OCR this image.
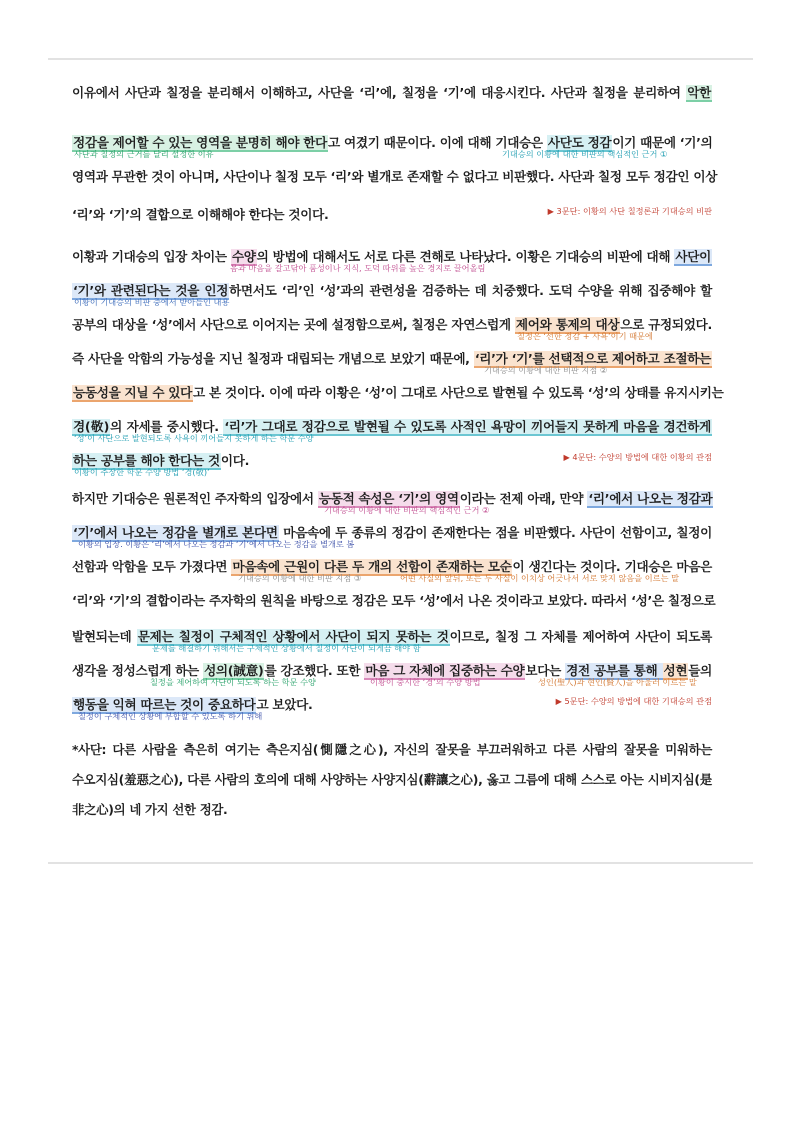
이유에서 사단과 칠정을 분리해서 이해하고, 사단을 ‘리’에, 칠정을 ‘기’에 대응시킨다. 사단과 칠정을 분리하여 악한
정감을 제어할 수 있는 영역을 분명히 해야 한다고 여겼기 때문이다. 이에 대해 기대승은 사단도 정감이기 때문에 ‘기’의
사단과 칠정의 근거를 달리 설정한 이유	기대승의 이황에 대한 비판의 핵심적인 근거 ①
영역과 무관한 것이 아니며, 사단이나 칠정 모두 ‘리’와 별개로 존재할 수 없다고 비판했다. 사단과 칠정 모두 정감인 이상
‘리’와 ‘기’의 결합으로 이해해야 한다는 것이다.	▶ 3문단: 이황의 사단 칠정론과 기대승의 비판
이황과 기대승의 입장 차이는 수양의 방법에 대해서도 서로 다른 견해로 나타났다. 이황은 기대승의 비판에 대해 사단이
몸과 마음을 갈고닦아 품성이나 지식, 도덕 따위를 높은 경지로 끌어올림
‘기’와 관련된다는 것을 인정하면서도 ‘리’인 ‘성’과의 관련성을 검증하는 데 치중했다. 도덕 수양을 위해 집중해야 할
이황이 기대승의 비판 중에서 받아들인 내용
공부의 대상을 ‘성’에서 사단으로 이어지는 곳에 설정함으로써, 칠정은 자연스럽게 제어와 통제의 대상으로 규정되었다.
칠정은 ‘선한 정감 + 사욕’이기 때문에
즉 사단을 악함의 가능성을 지닌 칠정과 대립되는 개념으로 보았기 때문에, ‘리’가 ‘기’를 선택적으로 제어하고 조절하는
기대승의 이황에 대한 비판 지점 ②
능동성을 지닐 수 있다고 본 것이다. 이에 따라 이황은 ‘성’이 그대로 사단으로 발현될 수 있도록 ‘성’의 상태를 유지시키는
경(敬)의 자세를 중시했다. ‘리’가 그대로 정감으로 발현될 수 있도록 사적인 욕망이 끼어들지 못하게 마음을 경건하게
‘성’이 사단으로 발현되도록 사욕이 끼어들지 못하게 하는 학문 수양
하는 공부를 해야 한다는 것이다.
이황이 주장한 학문 수양 방법 ‘경(敬)’
▶ 4문단: 수양의 방법에 대한 이황의 관점
하지만 기대승은 원론적인 주자학의 입장에서 능동적 속성은 ‘기’의 영역이라는 전제 아래, 만약 ‘리’에서 나오는 정감과
기대승의 이황에 대한 비판의 핵심적인 근거 ②
‘기’에서 나오는 정감을 별개로 본다면 마음속에 두 종류의 정감이 존재한다는 점을 비판했다. 사단이 선함이고, 칠정이
이황의 입장. 이황은 ‘리’에서 나오는 정감과 ‘기’에서 나오는 정감을 별개로 봄
선함과 악함을 모두 가졌다면 마음속에 근원이 다른 두 개의 선함이 존재하는 모순이 생긴다는 것이다. 기대승은 마음은
기대승의 이황에 대한 비판 지점 ③	어떤 사실의 앞뒤, 또는 두 사실이 이치상 어긋나서 서로 맞지 않음을 이르는 말
‘리’와 ‘기’의 결합이라는 주자학의 원칙을 바탕으로 정감은 모두 ‘성’에서 나온 것이라고 보았다. 따라서 ‘성’은 칠정으로
발현되는데 문제는 칠정이 구체적인 상황에서 사단이 되지 못하는 것이므로, 칠정 그 자체를 제어하여 사단이 되도록
문제를 해결하기 위해서는 구체적인 상황에서 칠정이 사단이 되게끔 해야 함
생각을 정성스럽게 하는 성의(誠意)를 강조했다. 또한 마음 그 자체에 집중하는 수양보다는 경전 공부를 통해 성현들의
칠정을 제어하여 사단이 되도록 하는 학문 수양	이황이 중시한 ‘경’의 수양 방법	성인(聖人)과 현인(賢人)을 아울러 이르는 말
행동을 익혀 따르는 것이 중요하다고 보았다.
칠정이 구체적인 상황에 부합할 수 있도록 하기 위해
▶ 5문단: 수양의 방법에 대한 기대승의 관점
*사단: 다른 사람을 측은히 여기는 측은지심(惻隱之心), 자신의 잘못을 부끄러워하고 다른 사람의 잘못을 미워하는
수오지심(羞惡之心), 다른 사람의 호의에 대해 사양하는 사양지심(辭讓之心), 옳고 그름에 대해 스스로 아는 시비지심(是
非之心)의 네 가지 선한 정감.
